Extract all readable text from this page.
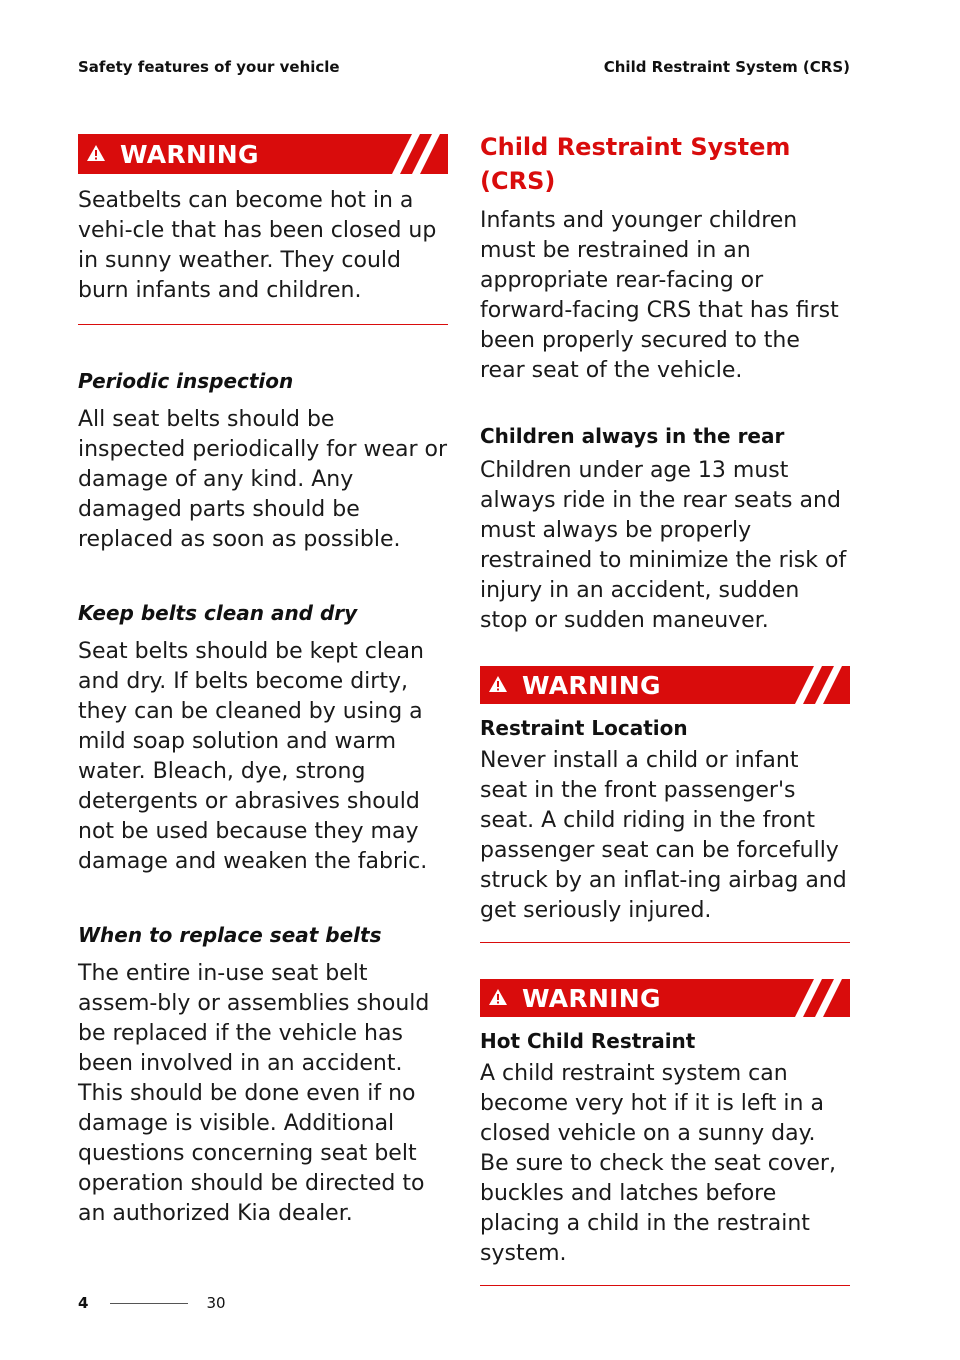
Safety features of your vehicle	Child Restraint System (CRS)
WARNING

Seatbelts can become hot in a vehi-cle that has been closed up in sunny weather. They could burn infants and children.

Periodic inspection

All seat belts should be inspected periodically for wear or damage of any kind. Any damaged parts should be replaced as soon as possible.

Keep belts clean and dry

Seat belts should be kept clean and dry. If belts become dirty, they can be cleaned by using a mild soap solution and warm water. Bleach, dye, strong detergents or abrasives should not be used because they may damage and weaken the fabric.

When to replace seat belts

The entire in-use seat belt assem-bly or assemblies should be replaced if the vehicle has been involved in an accident. This should be done even if no damage is visible. Additional questions concerning seat belt operation should be directed to an authorized Kia dealer.

Child Restraint System (CRS)

Infants and younger children must be restrained in an appropriate rear-facing or forward-facing CRS that has first been properly secured to the rear seat of the vehicle.

Children always in the rear

Children under age 13 must always ride in the rear seats and must always be properly restrained to minimize the risk of injury in an accident, sudden stop or sudden maneuver.

WARNING

Restraint Location

Never install a child or infant seat in the front passenger's seat. A child riding in the front passenger seat can be forcefully struck by an inflat-ing airbag and get seriously injured.

WARNING

Hot Child Restraint

A child restraint system can become very hot if it is left in a closed vehicle on a sunny day. Be sure to check the seat cover, buckles and latches before placing a child in the restraint system.

4	30
